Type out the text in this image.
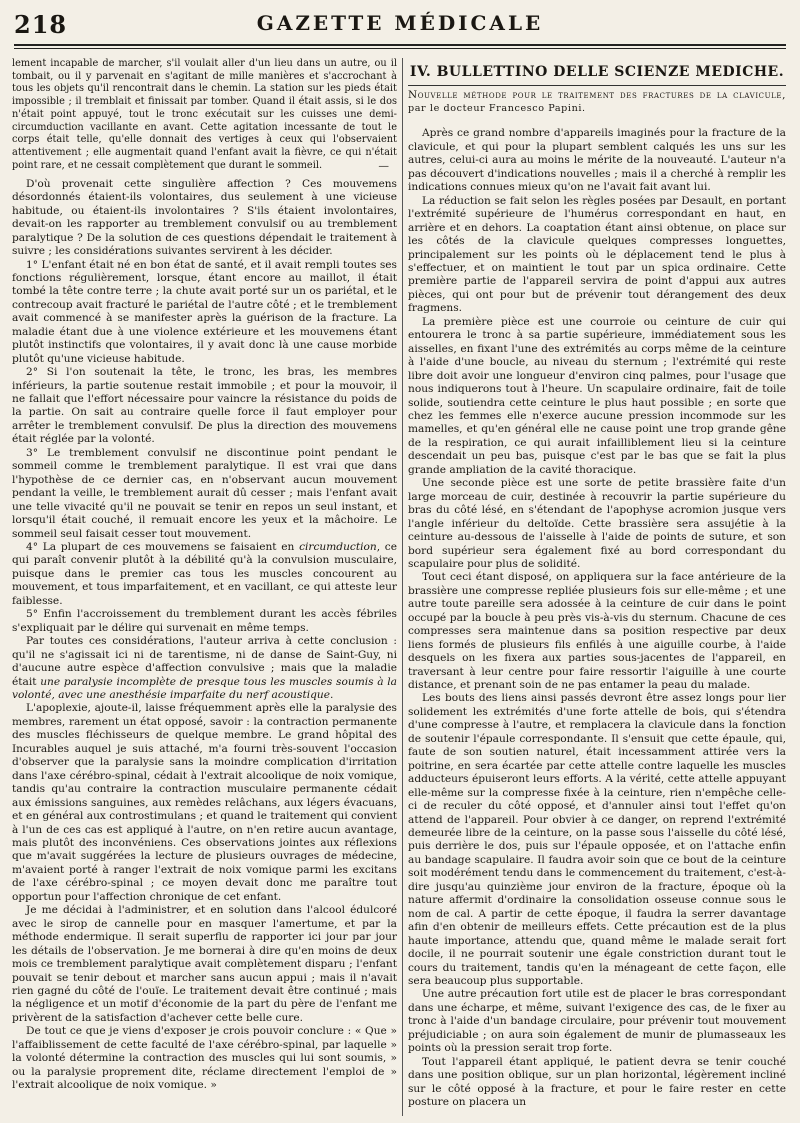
218	GAZETTE MÉDICALE

lement incapable de marcher, s'il voulait aller d'un lieu dans un autre, ou il tombait, ou il y parvenait en s'agitant de mille manières et s'accrochant à tous les objets qu'il rencontrait dans le chemin. La station sur les pieds était impossible ; il tremblait et finissait par tomber. Quand il était assis, si le dos n'était point appuyé, tout le tronc exécutait sur les cuisses une demi-circumduction vacillante en avant. Cette agitation incessante de tout le corps était telle, qu'elle donnait des vertiges à ceux qui l'observaient attentivement ; elle augmentait quand l'enfant avait la fièvre, ce qui n'était point rare, et ne cessait complètement que durant le sommeil.	—

D'où provenait cette singulière affection ? Ces mouvemens désordonnés étaient-ils volontaires, dus seulement à une vicieuse habitude, ou étaient-ils involontaires ? S'ils étaient involontaires, devait-on les rapporter au tremblement convulsif ou au tremblement paralytique ? De la solution de ces questions dépendait le traitement à suivre ; les considérations suivantes servirent à les décider.

1° L'enfant était né en bon état de santé, et il avait rempli toutes ses fonctions régulièrement, lorsque, étant encore au maillot, il était tombé la tête contre terre ; la chute avait porté sur un os pariétal, et le contrecoup avait fracturé le pariétal de l'autre côté ; et le tremblement avait commencé à se manifester après la guérison de la fracture. La maladie étant due à une violence extérieure et les mouvemens étant plutôt instinctifs que volontaires, il y avait donc là une cause morbide plutôt qu'une vicieuse habitude.

2° Si l'on soutenait la tête, le tronc, les bras, les membres inférieurs, la partie soutenue restait immobile ; et pour la mouvoir, il ne fallait que l'effort nécessaire pour vaincre la résistance du poids de la partie. On sait au contraire quelle force il faut employer pour arrêter le tremblement convulsif. De plus la direction des mouvemens était réglée par la volonté.

3° Le tremblement convulsif ne discontinue point pendant le sommeil comme le tremblement paralytique. Il est vrai que dans l'hypothèse de ce dernier cas, en n'observant aucun mouvement pendant la veille, le tremblement aurait dû cesser ; mais l'enfant avait une telle vivacité qu'il ne pouvait se tenir en repos un seul instant, et lorsqu'il était couché, il remuait encore les yeux et la mâchoire. Le sommeil seul faisait cesser tout mouvement.

4° La plupart de ces mouvemens se faisaient en circumduction, ce qui paraît convenir plutôt à la débilité qu'à la convulsion musculaire, puisque dans le premier cas tous les muscles concourent au mouvement, et tous imparfaitement, et en vacillant, ce qui atteste leur faiblesse.

5° Enfin l'accroissement du tremblement durant les accès fébriles s'expliquait par le délire qui survenait en même temps.

Par toutes ces considérations, l'auteur arriva à cette conclusion : qu'il ne s'agissait ici ni de tarentisme, ni de danse de Saint-Guy, ni d'aucune autre espèce d'affection convulsive ; mais que la maladie était une paralysie incomplète de presque tous les muscles soumis à la volonté, avec une anesthésie imparfaite du nerf acoustique.

L'apoplexie, ajoute-il, laisse fréquemment après elle la paralysie des membres, rarement un état opposé, savoir : la contraction permanente des muscles fléchisseurs de quelque membre. Le grand hôpital des Incurables auquel je suis attaché, m'a fourni très-souvent l'occasion d'observer que la paralysie sans la moindre complication d'irritation dans l'axe cérébro-spinal, cédait à l'extrait alcoolique de noix vomique, tandis qu'au contraire la contraction musculaire permanente cédait aux émissions sanguines, aux remèdes relâchans, aux légers évacuans, et en général aux controstimulans ; et quand le traitement qui convient à l'un de ces cas est appliqué à l'autre, on n'en retire aucun avantage, mais plutôt des inconvéniens. Ces observations jointes aux réflexions que m'avait suggérées la lecture de plusieurs ouvrages de médecine, m'avaient porté à ranger l'extrait de noix vomique parmi les excitans de l'axe cérébro-spinal ; ce moyen devait donc me paraître tout opportun pour l'affection chronique de cet enfant.

Je me décidai à l'administrer, et en solution dans l'alcool édulcoré avec le sirop de cannelle pour en masquer l'amertume, et par la méthode endermique. Il serait superflu de rapporter ici jour par jour les détails de l'observation. Je me bornerai à dire qu'en moins de deux mois ce tremblement paralytique avait complètement disparu ; l'enfant pouvait se tenir debout et marcher sans aucun appui ; mais il n'avait rien gagné du côté de l'ouïe. Le traitement devait être continué ; mais la négligence et un motif d'économie de la part du père de l'enfant me privèrent de la satisfaction d'achever cette belle cure.

De tout ce que je viens d'exposer je crois pouvoir conclure : « Que » l'affaiblissement de cette faculté de l'axe cérébro-spinal, par laquelle » la volonté détermine la contraction des muscles qui lui sont soumis, » ou la paralysie proprement dite, réclame directement l'emploi de » l'extrait alcoolique de noix vomique. »

IV. BULLETTINO DELLE SCIENZE MEDICHE.
Nouvelle méthode pour le traitement des fractures de la clavicule, par le docteur Francesco Papini.

Après ce grand nombre d'appareils imaginés pour la fracture de la clavicule, et qui pour la plupart semblent calqués les uns sur les autres, celui-ci aura au moins le mérite de la nouveauté. L'auteur n'a pas découvert d'indications nouvelles ; mais il a cherché à remplir les indications connues mieux qu'on ne l'avait fait avant lui.

La réduction se fait selon les règles posées par Desault, en portant l'extrémité supérieure de l'humérus correspondant en haut, en arrière et en dehors. La coaptation étant ainsi obtenue, on place sur les côtés de la clavicule quelques compresses longuettes, principalement sur les points où le déplacement tend le plus à s'effectuer, et on maintient le tout par un spica ordinaire. Cette première partie de l'appareil servira de point d'appui aux autres pièces, qui ont pour but de prévenir tout dérangement des deux fragmens.

La première pièce est une courroie ou ceinture de cuir qui entourera le tronc à sa partie supérieure, immédiatement sous les aisselles, en fixant l'une des extrémités au corps même de la ceinture à l'aide d'une boucle, au niveau du sternum ; l'extrémité qui reste libre doit avoir une longueur d'environ cinq palmes, pour l'usage que nous indiquerons tout à l'heure. Un scapulaire ordinaire, fait de toile solide, soutiendra cette ceinture le plus haut possible ; en sorte que chez les femmes elle n'exerce aucune pression incommode sur les mamelles, et qu'en général elle ne cause point une trop grande gêne de la respiration, ce qui aurait infailliblement lieu si la ceinture descendait un peu bas, puisque c'est par le bas que se fait la plus grande ampliation de la cavité thoracique.

Une seconde pièce est une sorte de petite brassière faite d'un large morceau de cuir, destinée à recouvrir la partie supérieure du bras du côté lésé, en s'étendant de l'apophyse acromion jusque vers l'angle inférieur du deltoïde. Cette brassière sera assujétie à la ceinture au-dessous de l'aisselle à l'aide de points de suture, et son bord supérieur sera également fixé au bord correspondant du scapulaire pour plus de solidité.

Tout ceci étant disposé, on appliquera sur la face antérieure de la brassière une compresse repliée plusieurs fois sur elle-même ; et une autre toute pareille sera adossée à la ceinture de cuir dans le point occupé par la boucle à peu près vis-à-vis du sternum. Chacune de ces compresses sera maintenue dans sa position respective par deux liens formés de plusieurs fils enfilés à une aiguille courbe, à l'aide desquels on les fixera aux parties sous-jacentes de l'appareil, en traversant à leur centre pour faire ressortir l'aiguille à une courte distance, et prenant soin de ne pas entamer la peau du malade.

Les bouts des liens ainsi passés devront être assez longs pour lier solidement les extrémités d'une forte attelle de bois, qui s'étendra d'une compresse à l'autre, et remplacera la clavicule dans la fonction de soutenir l'épaule correspondante. Il s'ensuit que cette épaule, qui, faute de son soutien naturel, était incessamment attirée vers la poitrine, en sera écartée par cette attelle contre laquelle les muscles adducteurs épuiseront leurs efforts. A la vérité, cette attelle appuyant elle-même sur la compresse fixée à la ceinture, rien n'empêche celle-ci de reculer du côté opposé, et d'annuler ainsi tout l'effet qu'on attend de l'appareil. Pour obvier à ce danger, on reprend l'extrémité demeurée libre de la ceinture, on la passe sous l'aisselle du côté lésé, puis derrière le dos, puis sur l'épaule opposée, et on l'attache enfin au bandage scapulaire. Il faudra avoir soin que ce bout de la ceinture soit modérément tendu dans le commencement du traitement, c'est-à-dire jusqu'au quinzième jour environ de la fracture, époque où la nature affermit d'ordinaire la consolidation osseuse connue sous le nom de cal. A partir de cette époque, il faudra la serrer davantage afin d'en obtenir de meilleurs effets. Cette précaution est de la plus haute importance, attendu que, quand même le malade serait fort docile, il ne pourrait soutenir une égale constriction durant tout le cours du traitement, tandis qu'en la ménageant de cette façon, elle sera beaucoup plus supportable.

Une autre précaution fort utile est de placer le bras correspondant dans une écharpe, et même, suivant l'exigence des cas, de le fixer au tronc à l'aide d'un bandage circulaire, pour prévenir tout mouvement préjudiciable ; on aura soin également de munir de plumasseaux les points où la pression serait trop forte.

Tout l'appareil étant appliqué, le patient devra se tenir couché dans une position oblique, sur un plan horizontal, légèrement incliné sur le côté opposé à la fracture, et pour le faire rester en cette posture on placera un
